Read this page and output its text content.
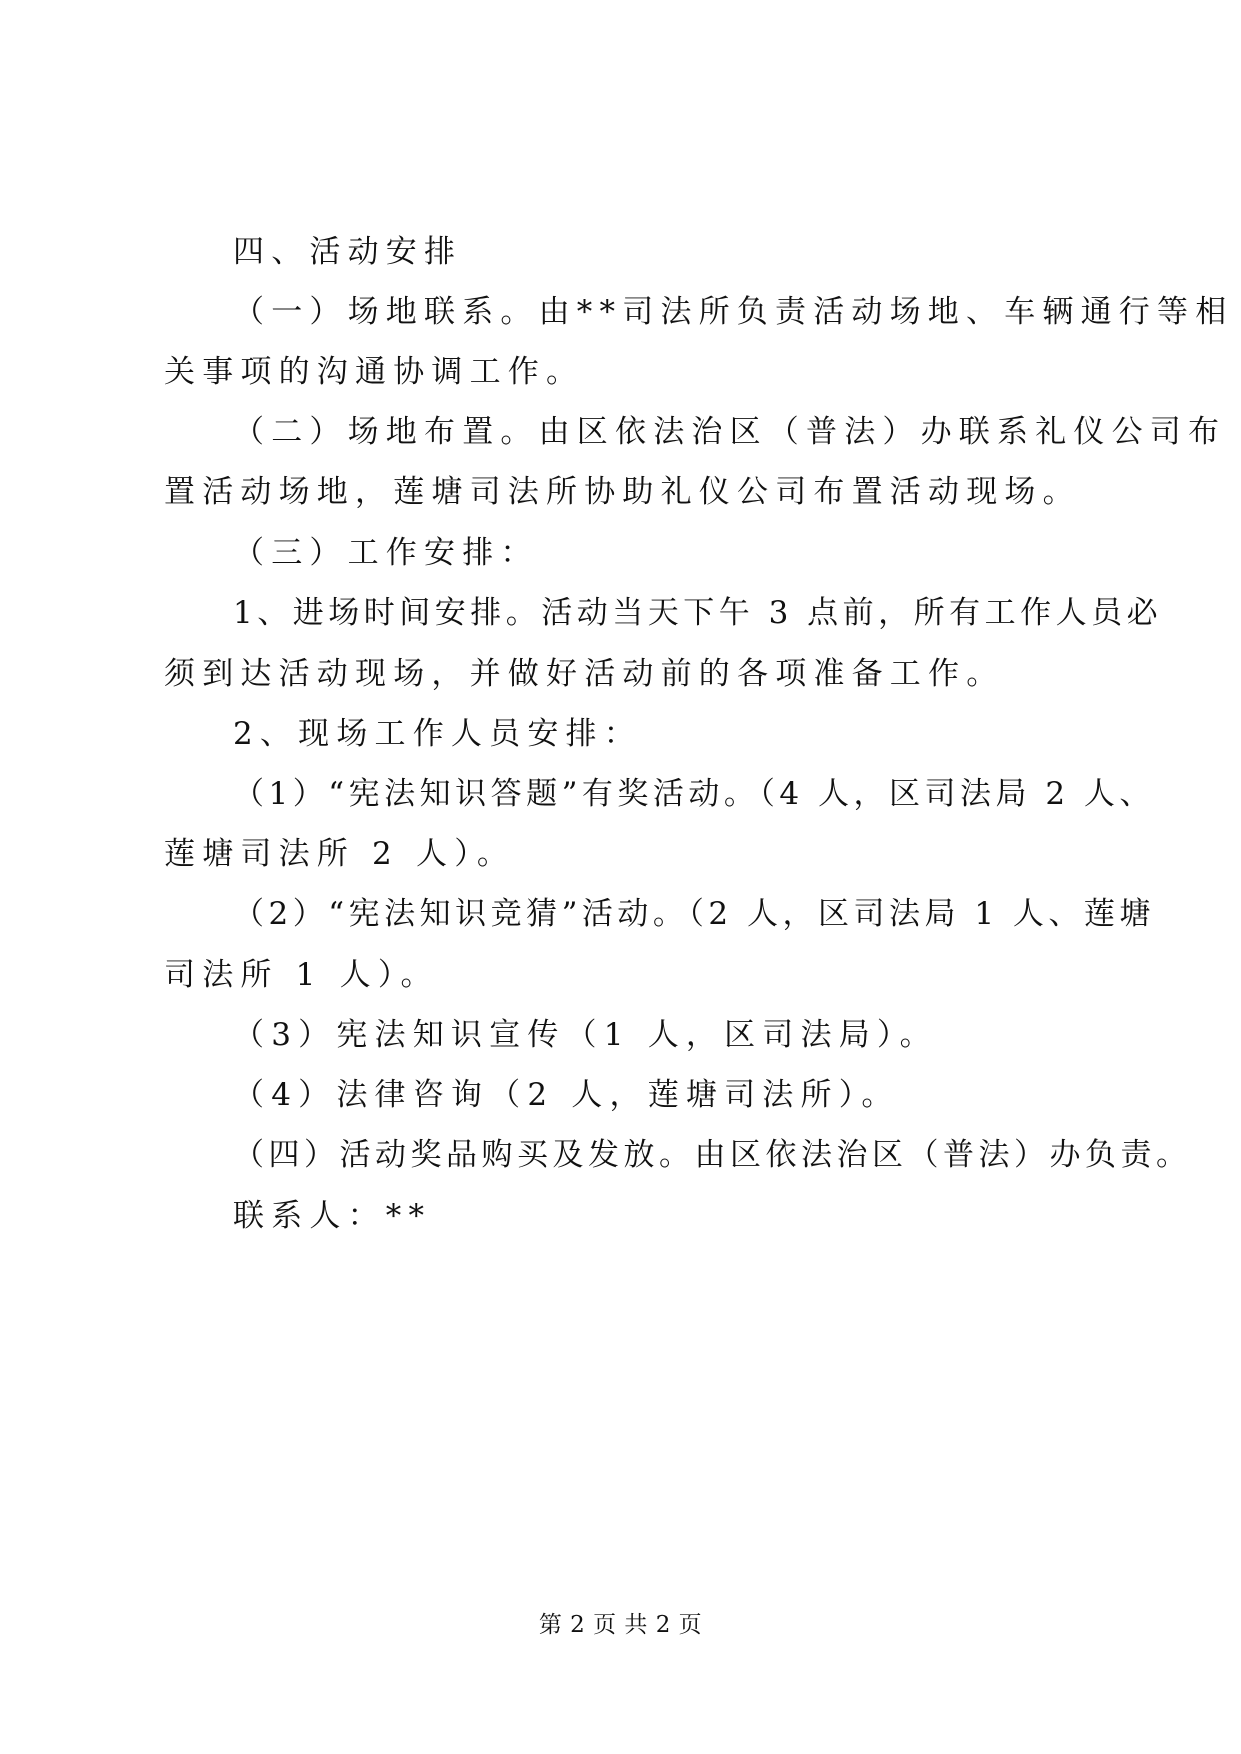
四、活动安排
（一）场地联系。由**司法所负责活动场地、车辆通行等相
关事项的沟通协调工作。
（二）场地布置。由区依法治区（普法）办联系礼仪公司布
置活动场地，莲塘司法所协助礼仪公司布置活动现场。
（三）工作安排：
1、进场时间安排。活动当天下午 3 点前，所有工作人员必
须到达活动现场，并做好活动前的各项准备工作。
2、现场工作人员安排：
（1）“宪法知识答题”有奖活动。（4 人，区司法局 2 人、
莲塘司法所 2 人）。
（2）“宪法知识竞猜”活动。（2 人，区司法局 1 人、莲塘
司法所 1 人）。
（3）宪法知识宣传（1 人，区司法局）。
（4）法律咨询（2 人，莲塘司法所）。
（四）活动奖品购买及发放。由区依法治区（普法）办负责。
联系人：**
第 2 页 共 2 页
